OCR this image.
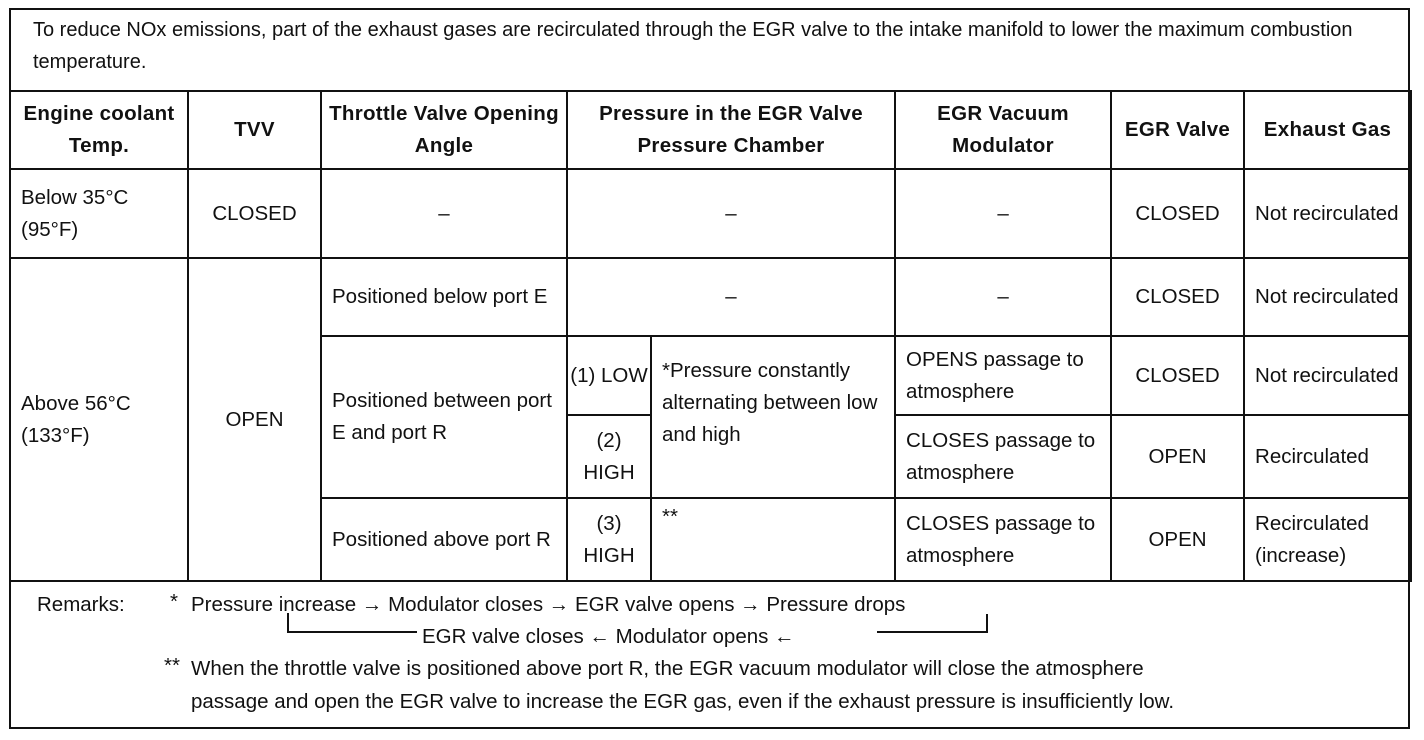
To reduce NOx emissions, part of the exhaust gases are recirculated through the EGR valve to the intake manifold to lower the maximum combustion temperature.
Engine coolant Temp.	TVV	Throttle Valve Opening Angle	Pressure in the EGR Valve Pressure Chamber		EGR Vacuum Modulator	EGR Valve	Exhaust Gas
Below 35°C (95°F)	CLOSED	–	–		–	CLOSED	Not recirculated
Above 56°C (133°F)	OPEN	Positioned below port E	–		–	CLOSED	Not recirculated
		Positioned between port E and port R	(1) LOW	*Pressure constantly alternating between low and high	OPENS passage to atmosphere	CLOSED	Not recirculated
			(2) HIGH		CLOSES passage to atmosphere	OPEN	Recirculated
		Positioned above port R	(3) HIGH	**	CLOSES passage to atmosphere	OPEN	Recirculated (increase)
Remarks: * Pressure increase → Modulator closes → EGR valve opens → Pressure drops
EGR valve closes ← Modulator opens ←
** When the throttle valve is positioned above port R, the EGR vacuum modulator will close the atmosphere
passage and open the EGR valve to increase the EGR gas, even if the exhaust pressure is insufficiently low.
